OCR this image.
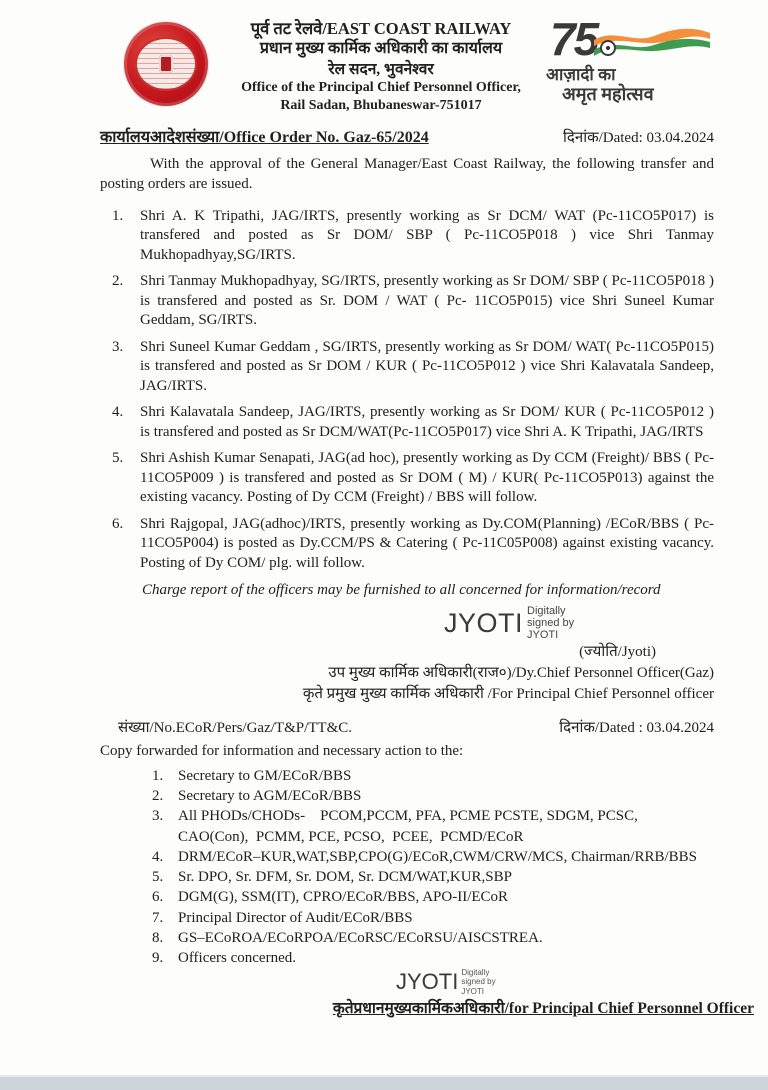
पूर्व तट रेलवे/EAST COAST RAILWAY
प्रधान मुख्य कार्मिक अधिकारी का कार्यालय
रेल सदन, भुवनेश्वर
Office of the Principal Chief Personnel Officer,
Rail Sadan, Bhubaneswar-751017
75
आज़ादी का
अमृत महोत्सव
कार्यालयआदेशसंख्या/Office Order No. Gaz-65/2024	दिनांक/Dated: 03.04.2024

With the approval of the General Manager/East Coast Railway, the following transfer and posting orders are issued.

1.	Shri A. K Tripathi, JAG/IRTS, presently working as Sr DCM/ WAT (Pc-11CO5P017) is transfered and posted as Sr DOM/ SBP ( Pc-11CO5P018 ) vice Shri Tanmay Mukhopadhyay,SG/IRTS.
2.	Shri Tanmay Mukhopadhyay, SG/IRTS, presently working as Sr DOM/ SBP ( Pc-11CO5P018 ) is transfered and posted as Sr. DOM / WAT ( Pc- 11CO5P015) vice Shri Suneel Kumar Geddam, SG/IRTS.
3.	Shri Suneel Kumar Geddam , SG/IRTS, presently working as Sr DOM/ WAT( Pc-11CO5P015) is transfered and posted as Sr DOM / KUR ( Pc-11CO5P012 ) vice Shri Kalavatala Sandeep, JAG/IRTS.
4.	Shri Kalavatala Sandeep, JAG/IRTS, presently working as Sr DOM/ KUR ( Pc-11CO5P012 ) is transfered and posted as Sr DCM/WAT(Pc-11CO5P017) vice Shri A. K Tripathi, JAG/IRTS
5.	Shri Ashish Kumar Senapati, JAG(ad hoc), presently working as Dy CCM (Freight)/ BBS ( Pc-11CO5P009 ) is transfered and posted as Sr DOM ( M) / KUR( Pc-11CO5P013) against the existing vacancy. Posting of Dy CCM (Freight) / BBS will follow.
6.	Shri Rajgopal, JAG(adhoc)/IRTS, presently working as Dy.COM(Planning) /ECoR/BBS ( Pc-11CO5P004) is posted as Dy.CCM/PS & Catering ( Pc-11C05P008) against existing vacancy. Posting of Dy COM/ plg. will follow.

Charge report of the officers may be furnished to all concerned for information/record

JYOTI Digitally signed by JYOTI
(ज्योति/Jyoti)
उप मुख्य कार्मिक अधिकारी(राज०)/Dy.Chief Personnel Officer(Gaz)
कृते प्रमुख मुख्य कार्मिक अधिकारी /For Principal Chief Personnel officer
संख्या/No.ECoR/Pers/Gaz/T&P/TT&C.	दिनांक/Dated : 03.04.2024
Copy forwarded for information and necessary action to the:
1. Secretary to GM/ECoR/BBS
2. Secretary to AGM/ECoR/BBS
3. All PHODs/CHODs-    PCOM,PCCM, PFA, PCME PCSTE, SDGM, PCSC, CAO(Con),  PCMM, PCE, PCSO,  PCEE,  PCMD/ECoR
4. DRM/ECoR–KUR,WAT,SBP,CPO(G)/ECoR,CWM/CRW/MCS, Chairman/RRB/BBS
5. Sr. DPO, Sr. DFM, Sr. DOM, Sr. DCM/WAT,KUR,SBP
6. DGM(G), SSM(IT), CPRO/ECoR/BBS, APO-II/ECoR
7. Principal Director of Audit/ECoR/BBS
8. GS–ECoROA/ECoRPOA/ECoRSC/ECoRSU/AISCSTREA.
9. Officers concerned.
JYOTI Digitally signed by JYOTI
कृतेप्रधानमुख्यकार्मिकअधिकारी/for Principal Chief Personnel Officer
